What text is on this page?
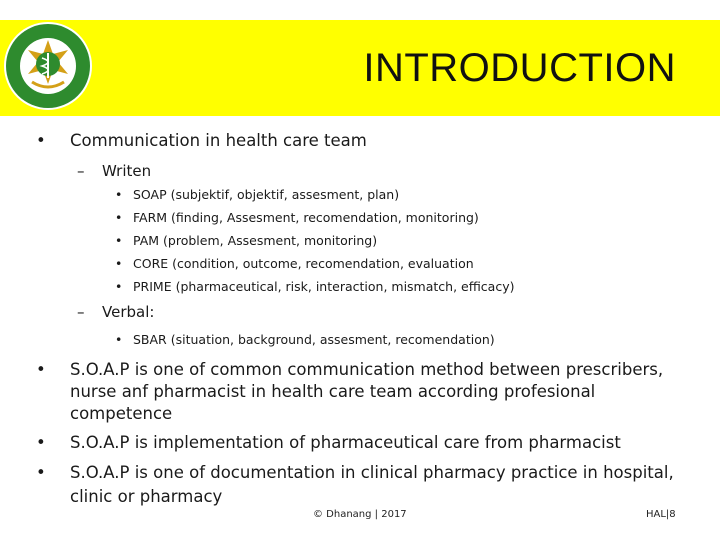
INTRODUCTION
• Communication in health care team
– Writen
• SOAP (subjektif, objektif, assesment, plan)
• FARM (finding, Assesment, recomendation, monitoring)
• PAM (problem, Assesment, monitoring)
• CORE (condition, outcome, recomendation, evaluation
• PRIME (pharmaceutical, risk, interaction, mismatch, efficacy)
– Verbal:
• SBAR (situation, background, assesment, recomendation)
• S.O.A.P is one of common communication method between prescribers,
nurse anf pharmacist in health care team according profesional
competence
• S.O.A.P is implementation of pharmaceutical care from pharmacist
• S.O.A.P is one of documentation in clinical pharmacy practice in hospital,
clinic or pharmacy
© Dhanang | 2017	HAL|8
